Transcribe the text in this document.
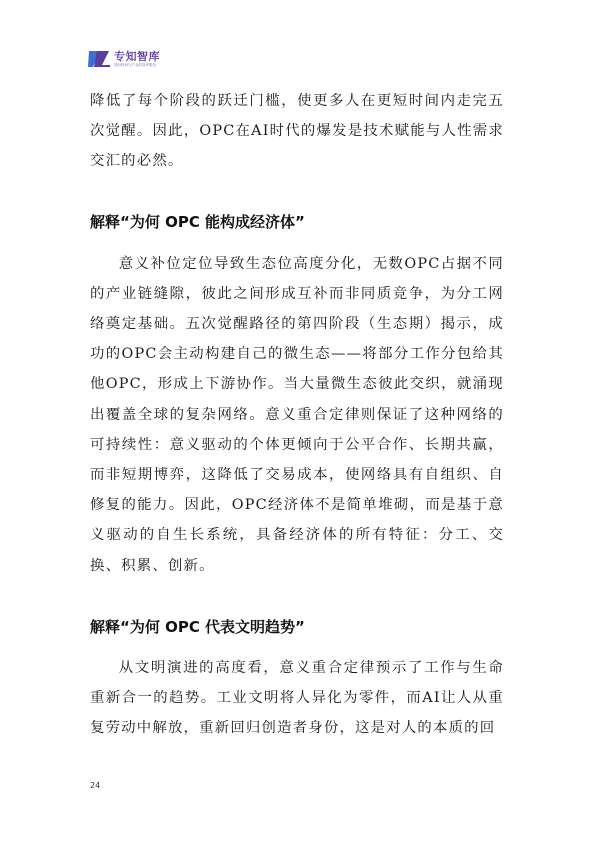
专知智库
面向科研与产业的智库服务

降低了每个阶段的跃迁门槛，使更多人在更短时间内走完五次觉醒。因此，OPC在AI时代的爆发是技术赋能与人性需求交汇的必然。

解释“为何 OPC 能构成经济体”

意义补位定位导致生态位高度分化，无数OPC占据不同的产业链缝隙，彼此之间形成互补而非同质竞争，为分工网络奠定基础。五次觉醒路径的第四阶段（生态期）揭示，成功的OPC会主动构建自己的微生态——将部分工作分包给其他OPC，形成上下游协作。当大量微生态彼此交织，就涌现出覆盖全球的复杂网络。意义重合定律则保证了这种网络的可持续性：意义驱动的个体更倾向于公平合作、长期共赢，而非短期博弈，这降低了交易成本，使网络具有自组织、自修复的能力。因此，OPC经济体不是简单堆砌，而是基于意义驱动的自生长系统，具备经济体的所有特征：分工、交换、积累、创新。

解释“为何 OPC 代表文明趋势”

从文明演进的高度看，意义重合定律预示了工作与生命重新合一的趋势。工业文明将人异化为零件，而AI让人从重复劳动中解放，重新回归创造者身份，这是对人的本质的回

24
